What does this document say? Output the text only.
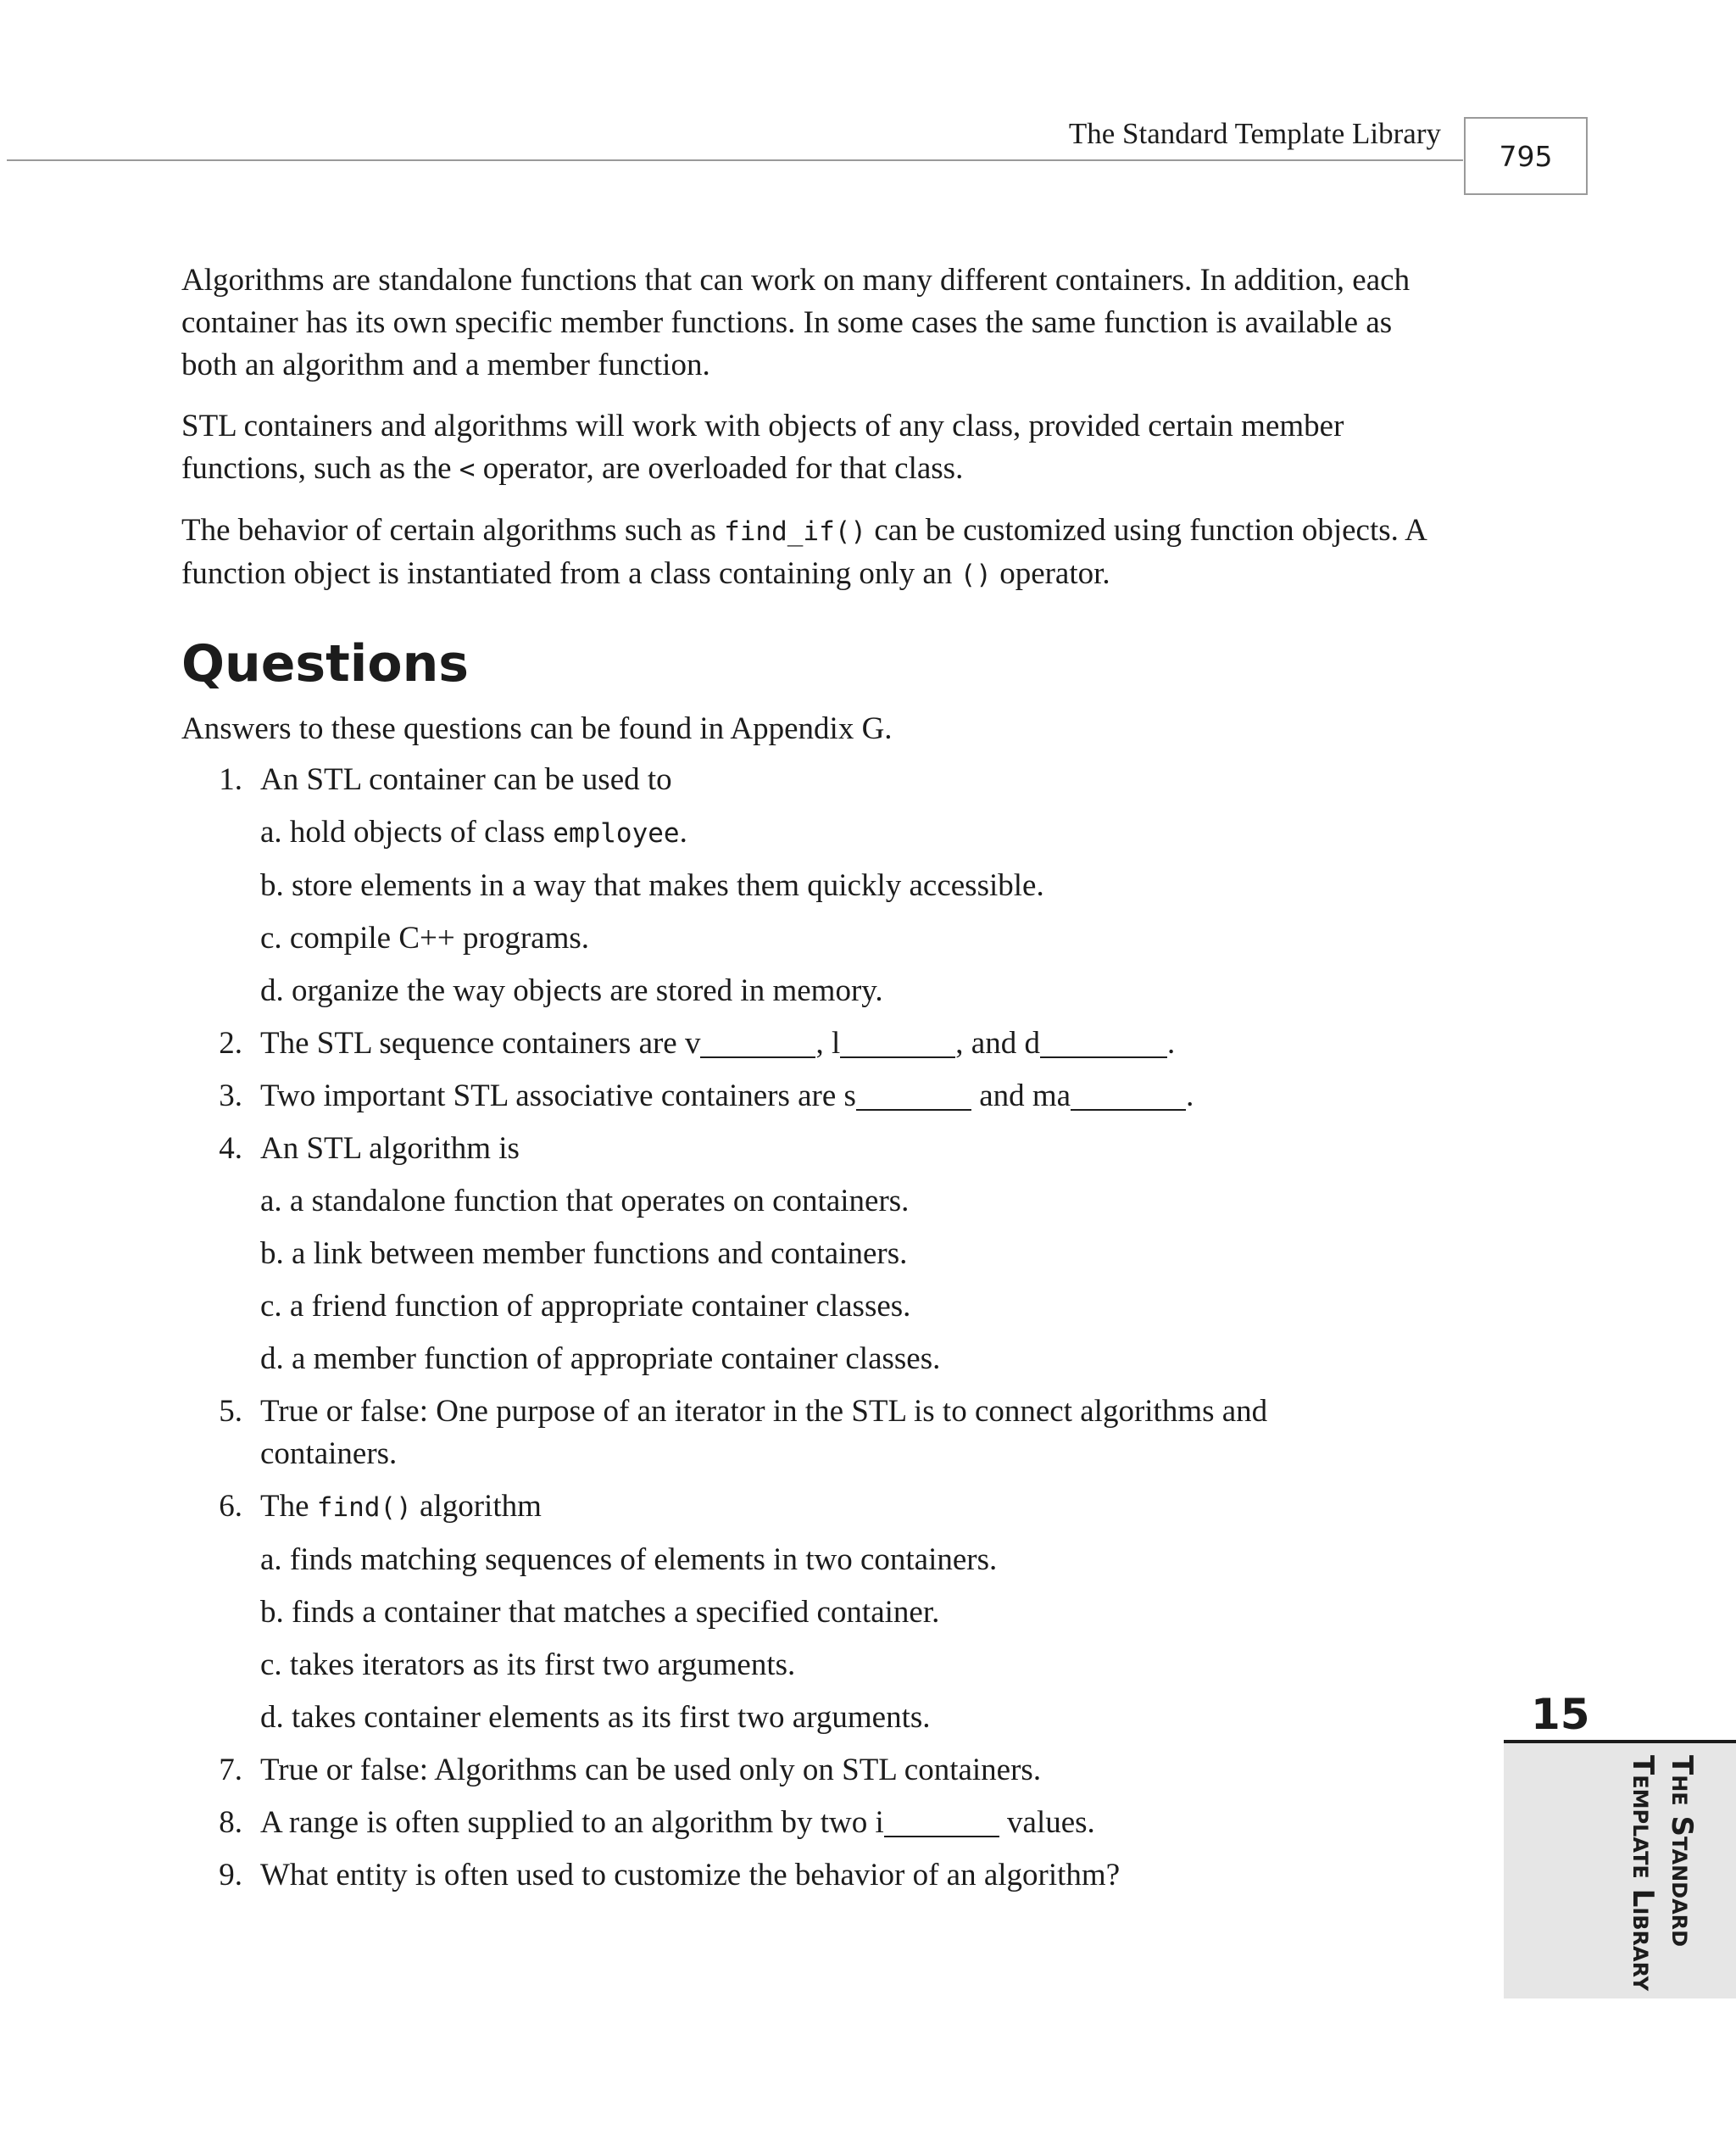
The Standard Template Library
795

Algorithms are standalone functions that can work on many different containers. In addition, each container has its own specific member functions. In some cases the same function is available as both an algorithm and a member function.

STL containers and algorithms will work with objects of any class, provided certain member functions, such as the < operator, are overloaded for that class.

The behavior of certain algorithms such as find_if() can be customized using function objects. A function object is instantiated from a class containing only an () operator.

Questions

Answers to these questions can be found in Appendix G.

1. An STL container can be used to
a. hold objects of class employee.
b. store elements in a way that makes them quickly accessible.
c. compile C++ programs.
d. organize the way objects are stored in memory.
2. The STL sequence containers are v	, l	, and d	.
3. Two important STL associative containers are s	and ma	.
4. An STL algorithm is
a. a standalone function that operates on containers.
b. a link between member functions and containers.
c. a friend function of appropriate container classes.
d. a member function of appropriate container classes.
5. True or false: One purpose of an iterator in the STL is to connect algorithms and
containers.
6. The find() algorithm
a. finds matching sequences of elements in two containers.
b. finds a container that matches a specified container.
c. takes iterators as its first two arguments.
d. takes container elements as its first two arguments.
7. True or false: Algorithms can be used only on STL containers.
8. A range is often supplied to an algorithm by two i	values.
9. What entity is often used to customize the behavior of an algorithm?
15
The Standard
Template Library
